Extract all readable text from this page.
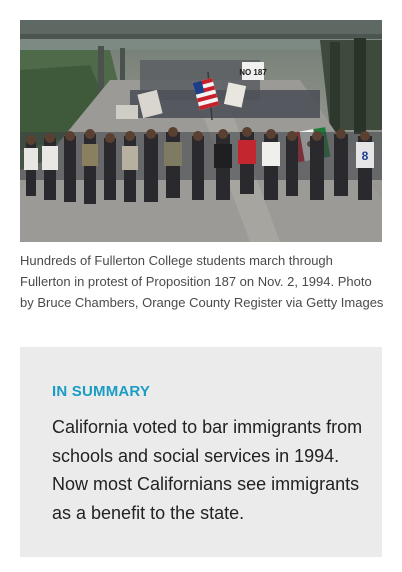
NO 187
8
Hundreds of Fullerton College students march through Fullerton in protest of Proposition 187 on Nov. 2, 1994. Photo by Bruce Chambers, Orange County Register via Getty Images
IN SUMMARY
California voted to bar immigrants from schools and social services in 1994. Now most Californians see immigrants as a benefit to the state.
